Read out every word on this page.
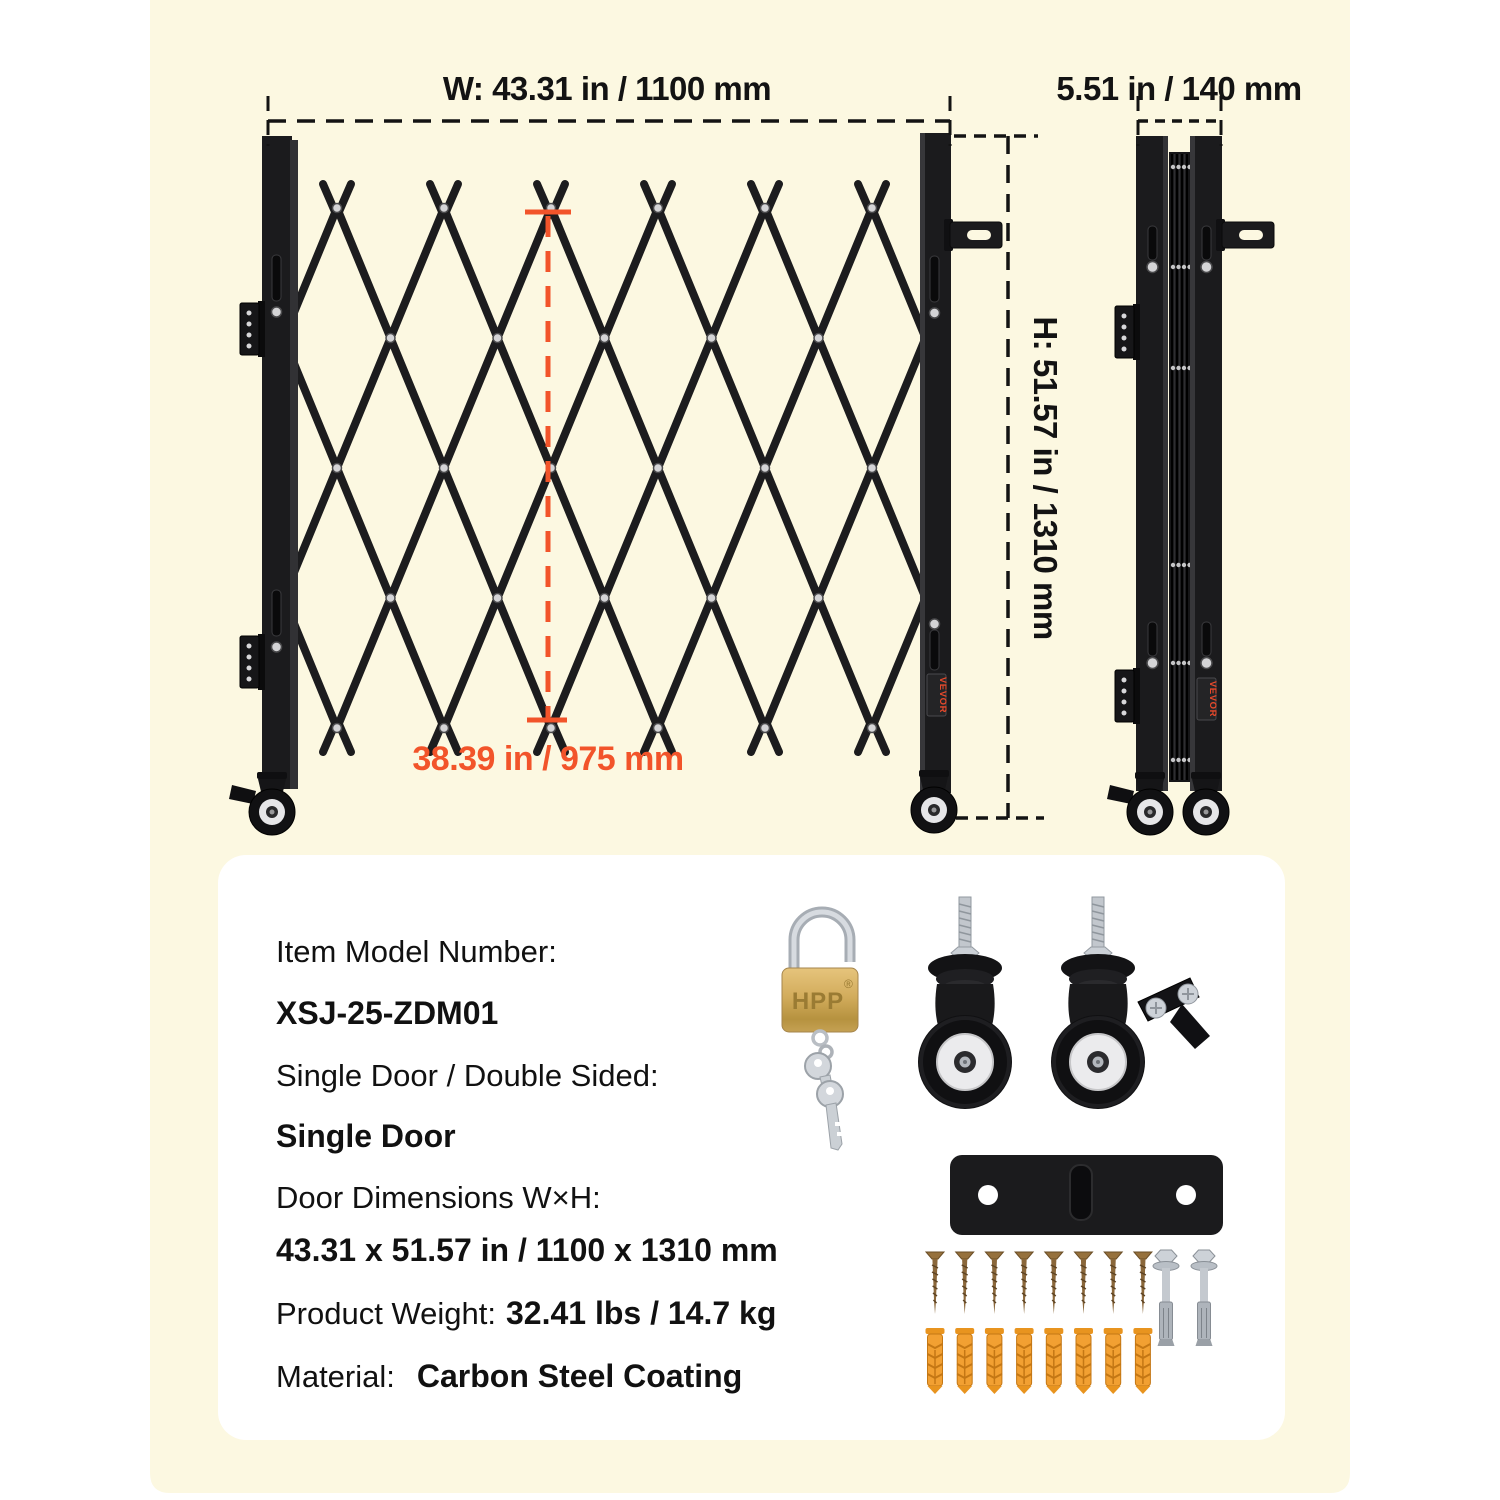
W: 43.31 in / 1100 mm	5.51 in / 140 mm
H: 51.57 in / 1310 mm
38.39 in / 975 mm
Item Model Number:
XSJ-25-ZDM01
Single Door / Double Sided:
Single Door
Door Dimensions W×H:
43.31 x 51.57 in / 1100 x 1310 mm
Product Weight: 32.41 lbs / 14.7 kg
Material: Carbon Steel Coating
HPP
®
